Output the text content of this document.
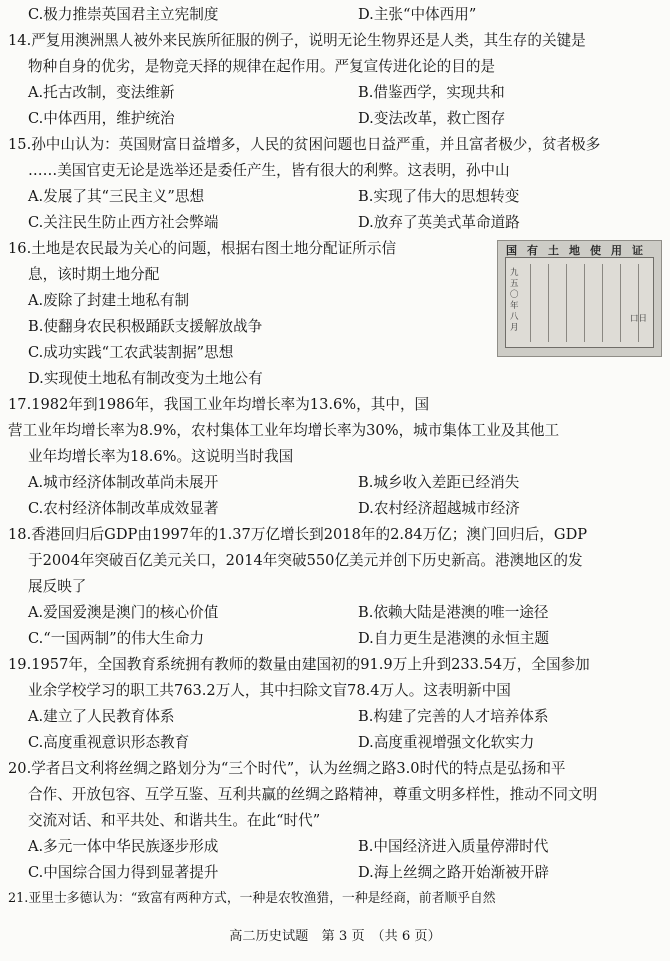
C.极力推崇英国君主立宪制度	D.主张“中体西用”
14.严复用澳洲黑人被外来民族所征服的例子，说明无论生物界还是人类，其生存的关键是
物种自身的优劣，是物竞天择的规律在起作用。严复宣传进化论的目的是
A.托古改制，变法维新	B.借鉴西学，实现共和
C.中体西用，维护统治	D.变法改革，救亡图存
15.孙中山认为：英国财富日益增多，人民的贫困问题也日益严重，并且富者极少，贫者极多
……美国官吏无论是选举还是委任产生，皆有很大的利弊。这表明，孙中山
A.发展了其“三民主义”思想	B.实现了伟大的思想转变
C.关注民生防止西方社会弊端	D.放弃了英美式革命道路
16.土地是农民最为关心的问题，根据右图土地分配证所示信
息，该时期土地分配
A.废除了封建土地私有制
B.使翻身农民积极踊跃支援解放战争
C.成功实践“工农武装割据”思想
D.实现使土地私有制改变为土地公有
国有土地使用证
九五〇年八月
口日
17.1982年到1986年，我国工业年均增长率为13.6%，其中，国
营工业年均增长率为8.9%，农村集体工业年均增长率为30%，城市集体工业及其他工
业年均增长率为18.6%。这说明当时我国
A.城市经济体制改革尚未展开	B.城乡收入差距已经消失
C.农村经济体制改革成效显著	D.农村经济超越城市经济
18.香港回归后GDP由1997年的1.37万亿增长到2018年的2.84万亿；澳门回归后，GDP
于2004年突破百亿美元关口，2014年突破550亿美元并创下历史新高。港澳地区的发
展反映了
A.爱国爱澳是澳门的核心价值	B.依赖大陆是港澳的唯一途径
C.“一国两制”的伟大生命力	D.自力更生是港澳的永恒主题
19.1957年，全国教育系统拥有教师的数量由建国初的91.9万上升到233.54万，全国参加
业余学校学习的职工共763.2万人，其中扫除文盲78.4万人。这表明新中国
A.建立了人民教育体系	B.构建了完善的人才培养体系
C.高度重视意识形态教育	D.高度重视增强文化软实力
20.学者吕文利将丝绸之路划分为“三个时代”，认为丝绸之路3.0时代的特点是弘扬和平
合作、开放包容、互学互鉴、互利共赢的丝绸之路精神，尊重文明多样性，推动不同文明
交流对话、和平共处、和谐共生。在此“时代”
A.多元一体中华民族逐步形成	B.中国经济进入质量停滞时代
C.中国综合国力得到显著提升	D.海上丝绸之路开始渐被开辟
21.亚里士多德认为：“致富有两种方式，一种是农牧渔猎，一种是经商，前者顺乎自然
高二历史试题　第 3 页　（共 6 页）
